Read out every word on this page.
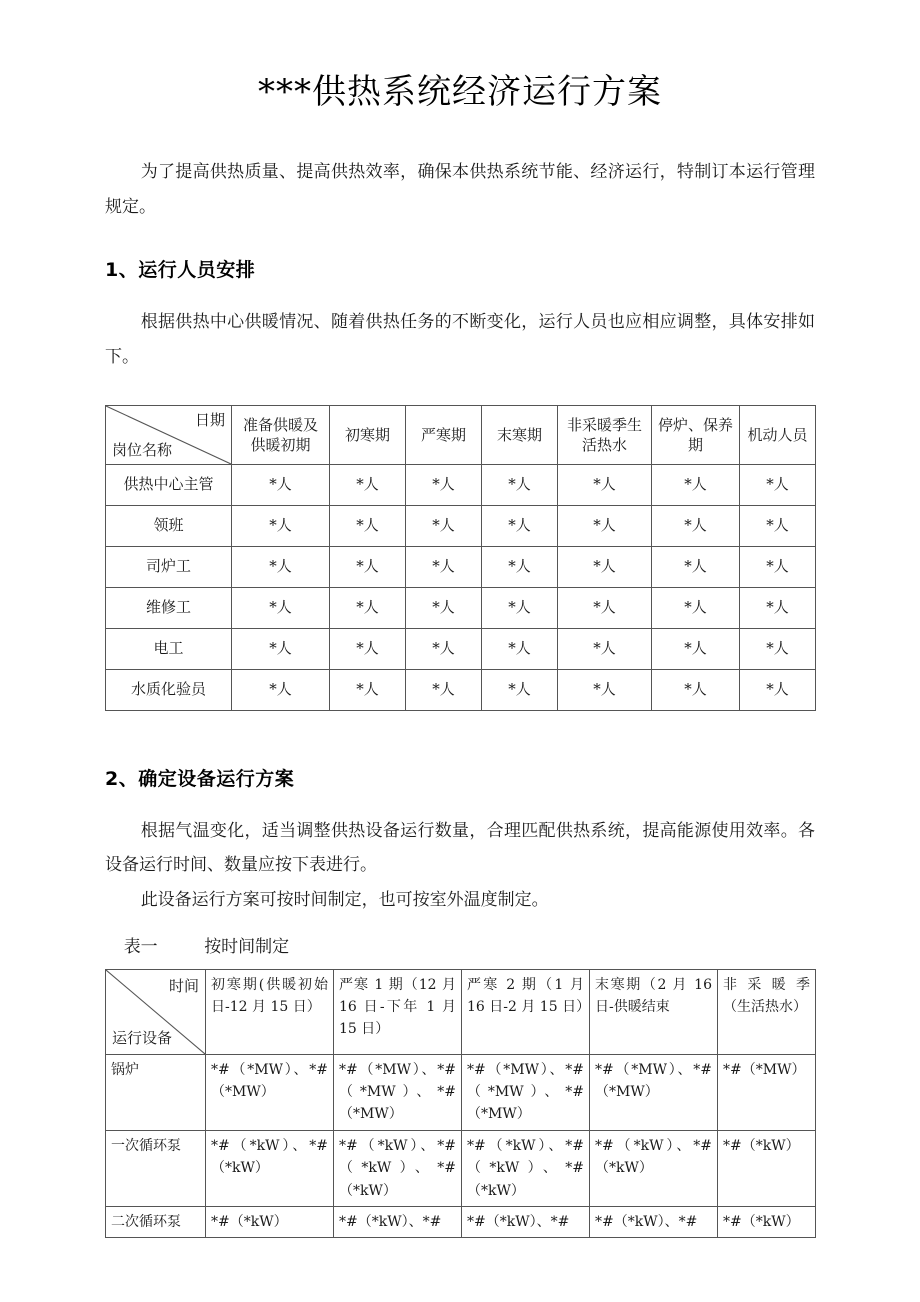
***供热系统经济运行方案

为了提高供热质量、提高供热效率，确保本供热系统节能、经济运行，特制订本运行管理规定。

1、运行人员安排

根据供热中心供暖情况、随着供热任务的不断变化，运行人员也应相应调整，具体安排如下。

日期
岗位名称	准备供暖及供暖初期	初寒期	严寒期	末寒期	非采暖季生活热水	停炉、保养期	机动人员
供热中心主管	*人	*人	*人	*人	*人	*人	*人
领班	*人	*人	*人	*人	*人	*人	*人
司炉工	*人	*人	*人	*人	*人	*人	*人
维修工	*人	*人	*人	*人	*人	*人	*人
电工	*人	*人	*人	*人	*人	*人	*人
水质化验员	*人	*人	*人	*人	*人	*人	*人
2、确定设备运行方案

根据气温变化，适当调整供热设备运行数量，合理匹配供热系统，提高能源使用效率。各设备运行时间、数量应按下表进行。

此设备运行方案可按时间制定，也可按室外温度制定。

表一	按时间制定

时间
运行设备	初寒期(供暖初始日-12 月 15 日）	严寒 1 期（12 月 16 日-下年 1 月 15 日）	严寒 2 期（1 月 16 日-2 月 15 日）	末寒期（2 月 16 日-供暖结束	非 采 暖 季（生活热水）
锅炉	*#（*MW）、*#（*MW）	*#（*MW）、*#（*MW）、*#（*MW）	*#（*MW）、*#（*MW）、*#（*MW）	*#（*MW）、*#（*MW）	*#（*MW）
一次循环泵	*#（*kW）、*#（*kW）	*#（*kW）、*#（*kW）、*#（*kW）	*#（*kW）、*#（*kW）、*#（*kW）	*#（*kW）、*#（*kW）	*#（*kW）
二次循环泵	*#（*kW）	*#（*kW）、*#	*#（*kW）、*#	*#（*kW）、*#	*#（*kW）
